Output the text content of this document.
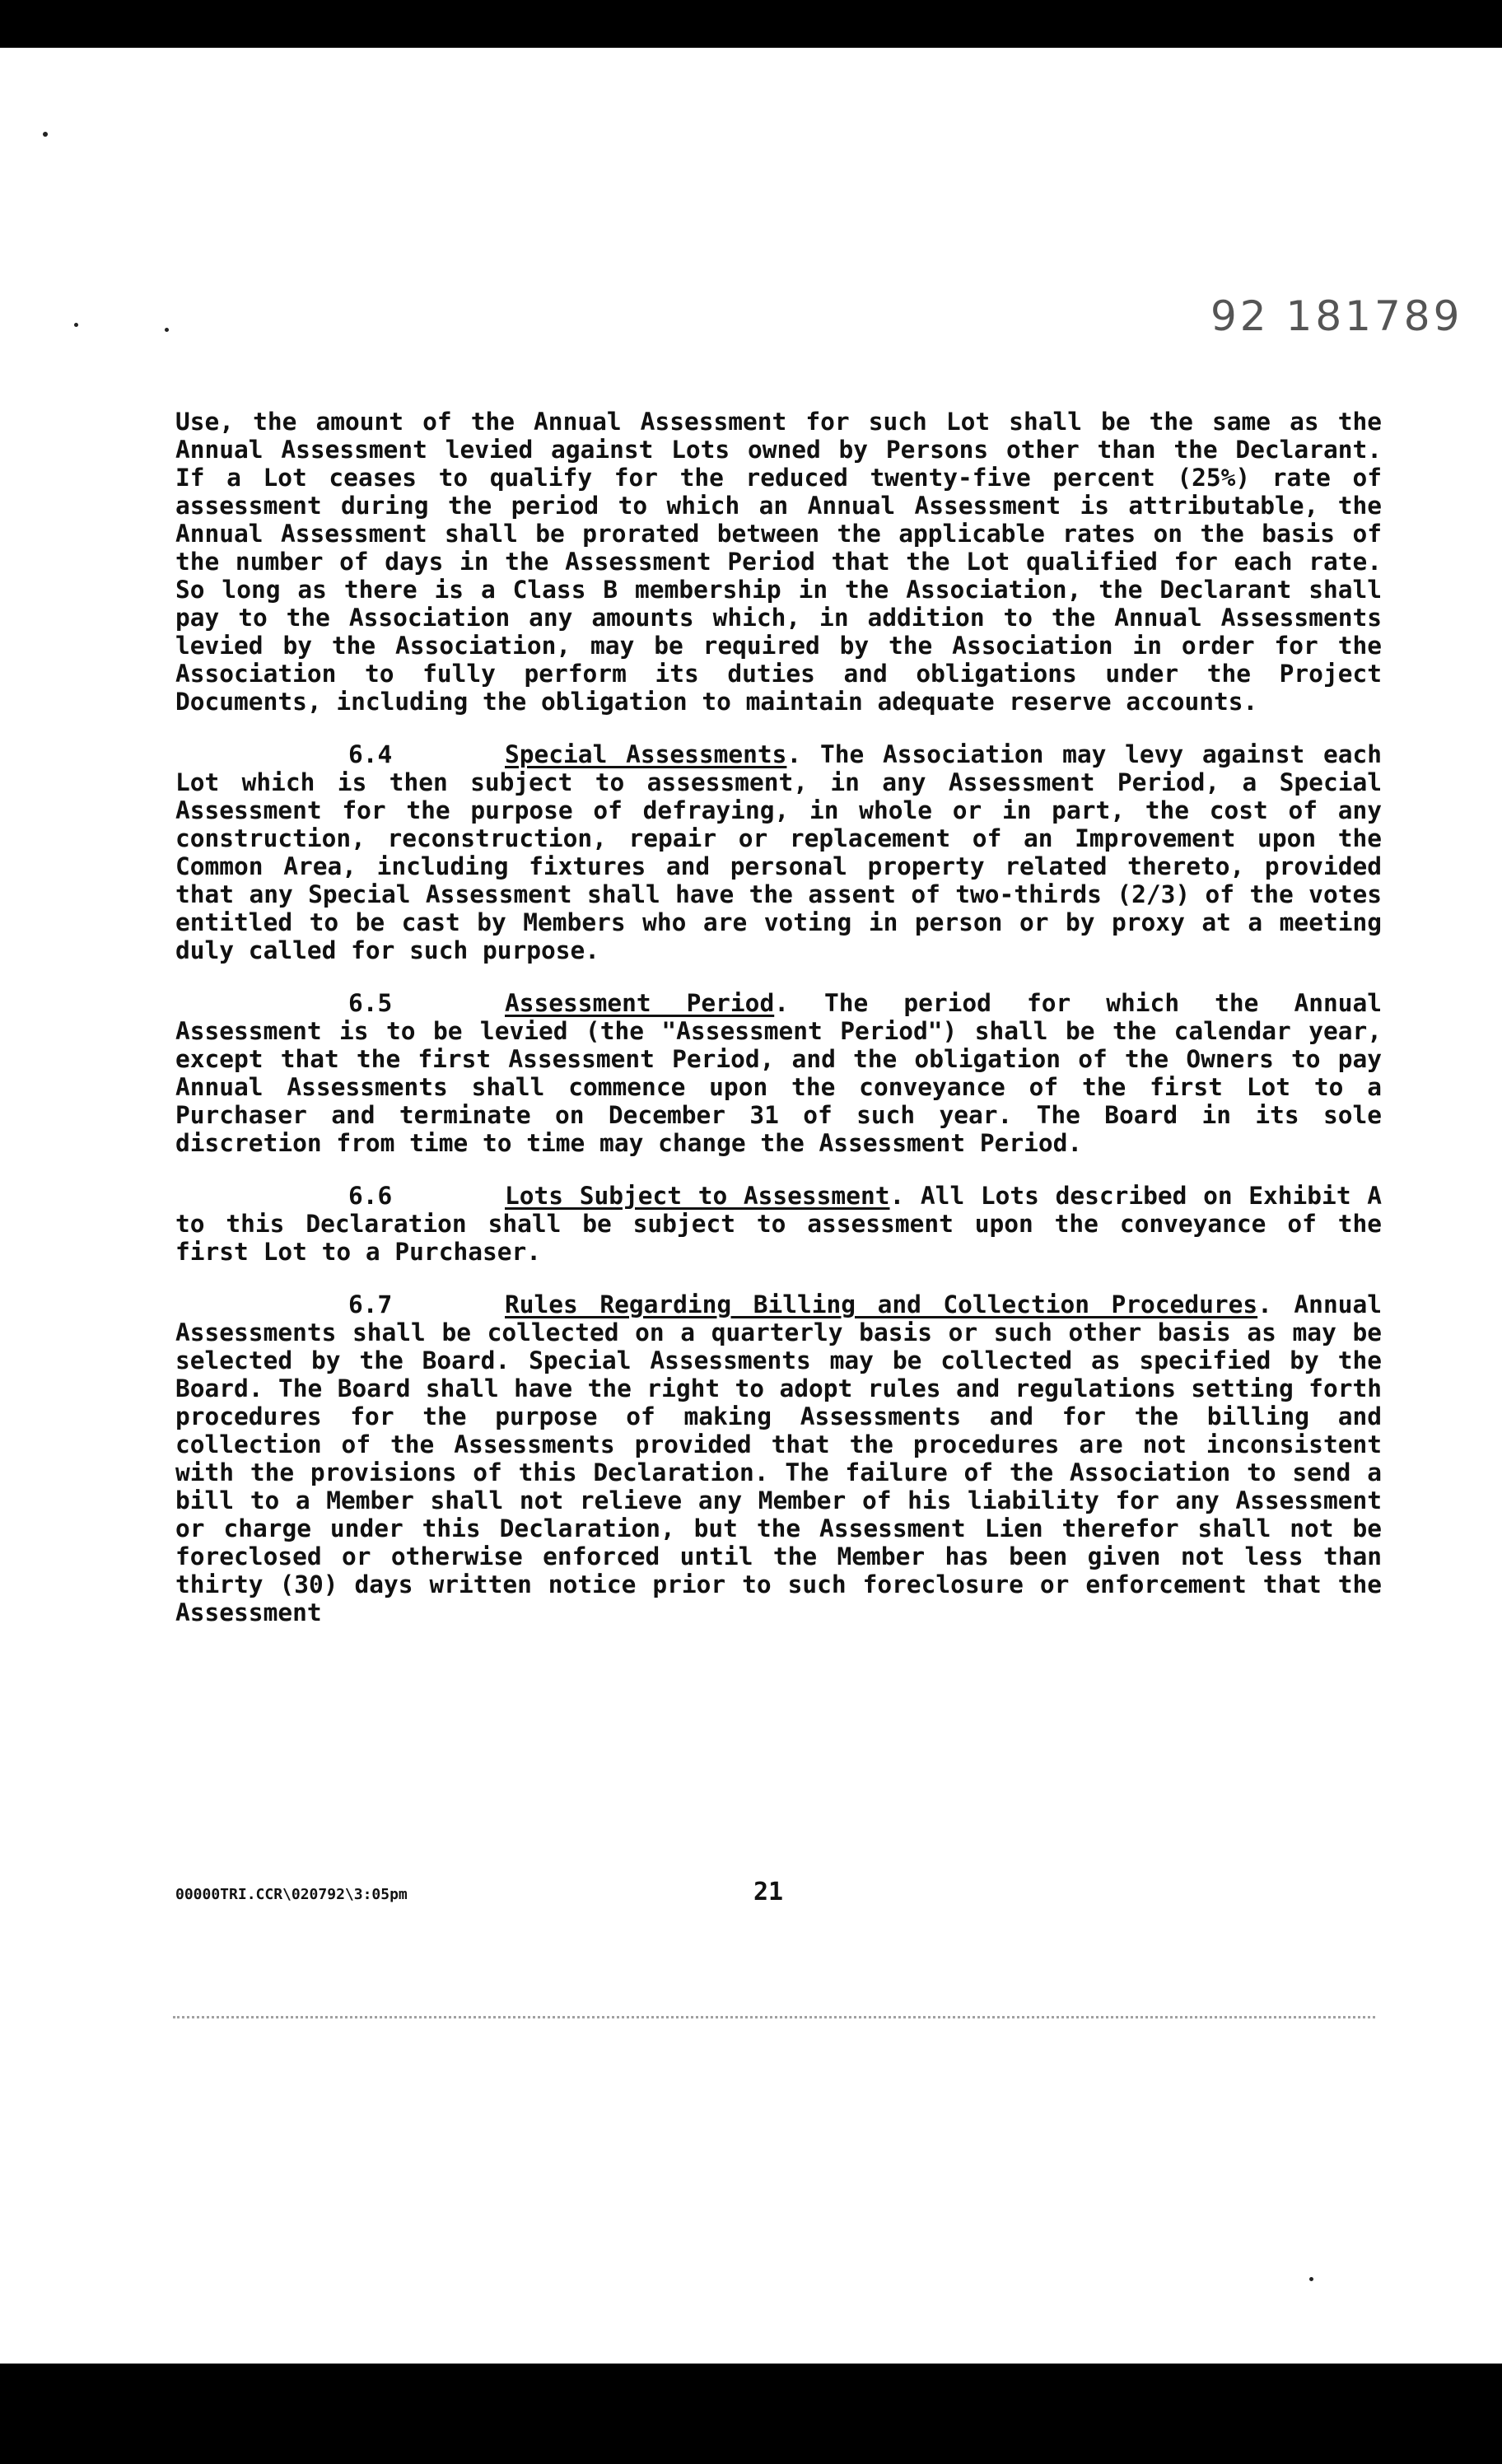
92 181789

Use, the amount of the Annual Assessment for such Lot shall be the same as the Annual Assessment levied against Lots owned by Persons other than the Declarant. If a Lot ceases to qualify for the reduced twenty-five percent (25%) rate of assessment during the period to which an Annual Assessment is attributable, the Annual Assessment shall be prorated between the applicable rates on the basis of the number of days in the Assessment Period that the Lot qualified for each rate. So long as there is a Class B membership in the Association, the Declarant shall pay to the Association any amounts which, in addition to the Annual Assessments levied by the Association, may be required by the Association in order for the Association to fully perform its duties and obligations under the Project Documents, including the obligation to maintain adequate reserve accounts.

6.4	Special Assessments. The Association may levy against each Lot which is then subject to assessment, in any Assessment Period, a Special Assessment for the purpose of defraying, in whole or in part, the cost of any construction, reconstruction, repair or replacement of an Improvement upon the Common Area, including fixtures and personal property related thereto, provided that any Special Assessment shall have the assent of two-thirds (2/3) of the votes entitled to be cast by Members who are voting in person or by proxy at a meeting duly called for such purpose.

6.5	Assessment Period. The period for which the Annual Assessment is to be levied (the "Assessment Period") shall be the calendar year, except that the first Assessment Period, and the obligation of the Owners to pay Annual Assessments shall commence upon the conveyance of the first Lot to a Purchaser and terminate on December 31 of such year. The Board in its sole discretion from time to time may change the Assessment Period.

6.6	Lots Subject to Assessment. All Lots described on Exhibit A to this Declaration shall be subject to assessment upon the conveyance of the first Lot to a Purchaser.

6.7	Rules Regarding Billing and Collection Procedures. Annual Assessments shall be collected on a quarterly basis or such other basis as may be selected by the Board. Special Assessments may be collected as specified by the Board. The Board shall have the right to adopt rules and regulations setting forth procedures for the purpose of making Assessments and for the billing and collection of the Assessments provided that the procedures are not inconsistent with the provisions of this Declaration. The failure of the Association to send a bill to a Member shall not relieve any Member of his liability for any Assessment or charge under this Declaration, but the Assessment Lien therefor shall not be foreclosed or otherwise enforced until the Member has been given not less than thirty (30) days written notice prior to such foreclosure or enforcement that the Assessment

00000TRI.CCR\020792\3:05pm	21
